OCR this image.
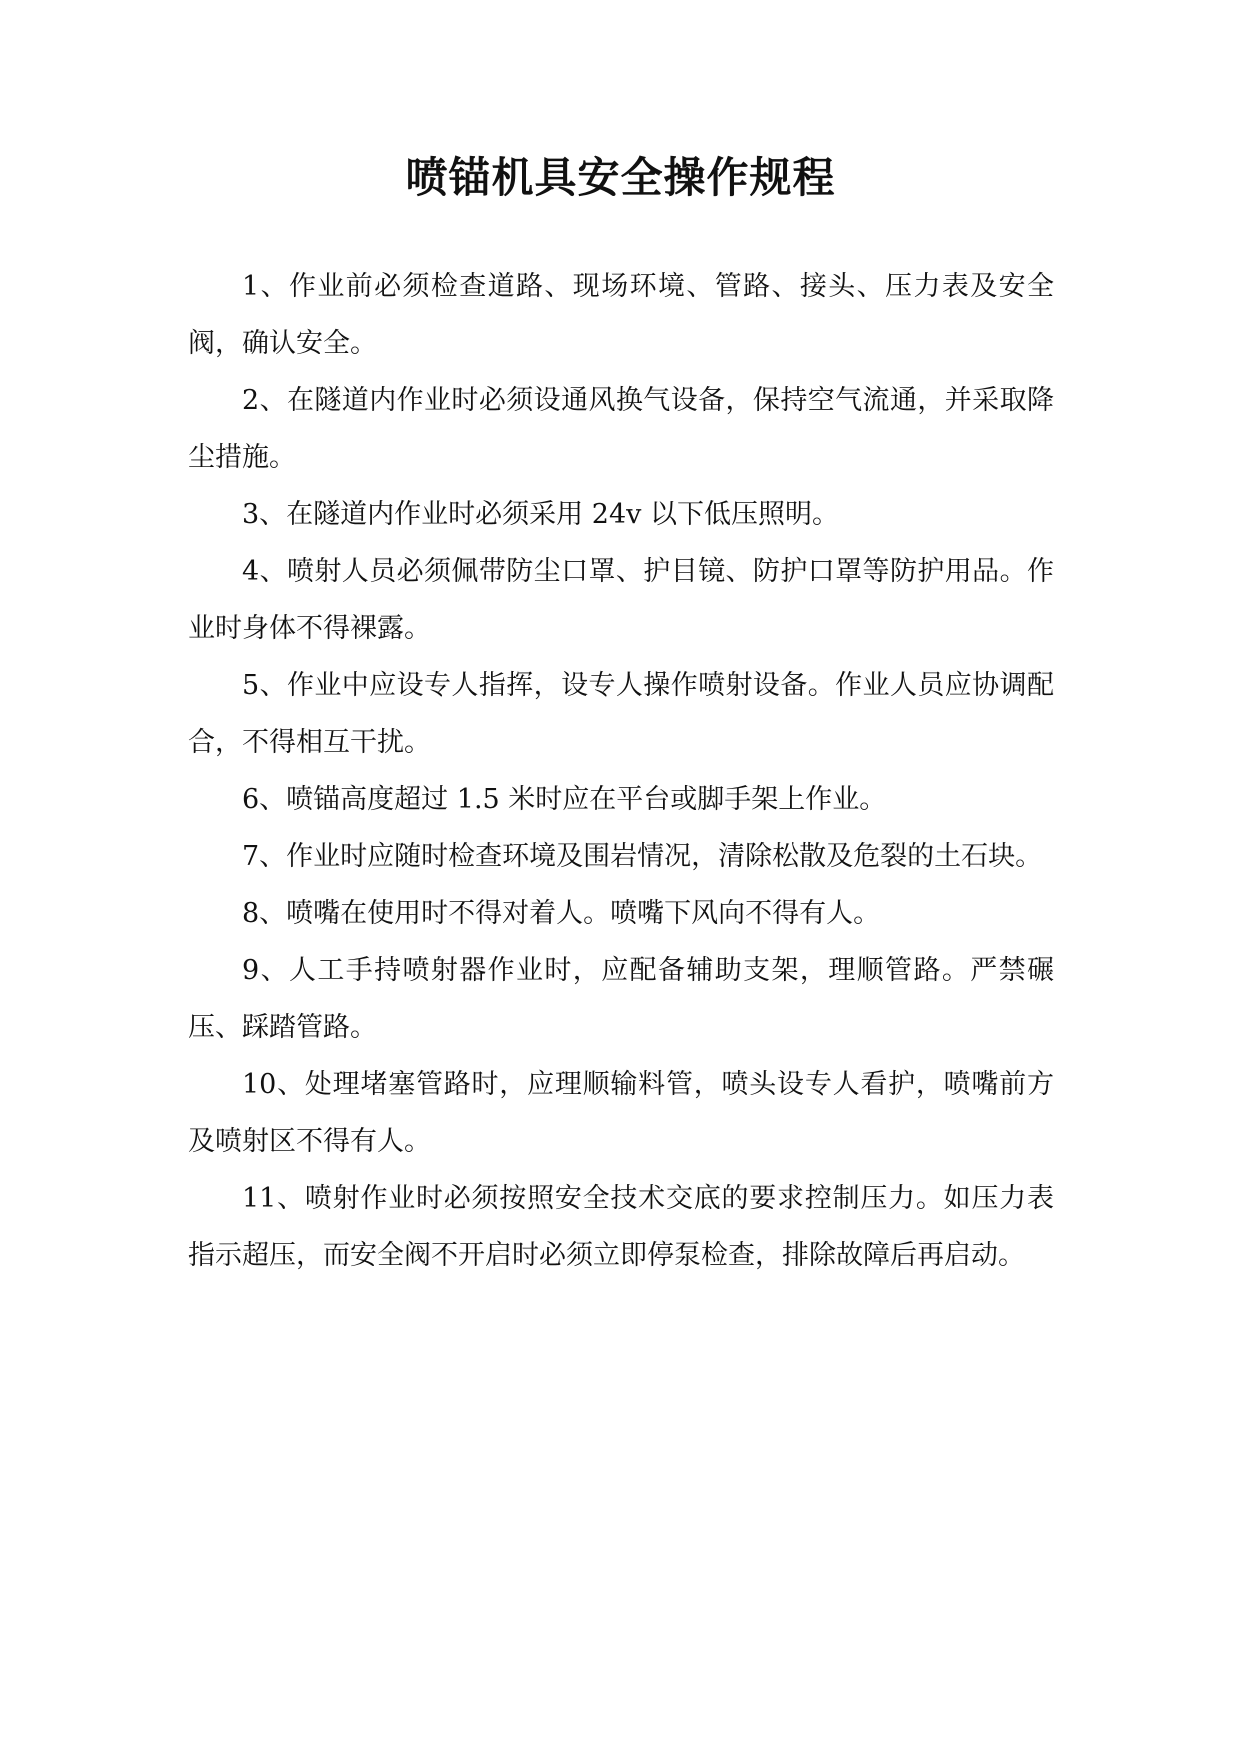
喷锚机具安全操作规程

1、作业前必须检查道路、现场环境、管路、接头、压力表及安全阀，确认安全。

2、在隧道内作业时必须设通风换气设备，保持空气流通，并采取降尘措施。

3、在隧道内作业时必须采用 24v 以下低压照明。

4、喷射人员必须佩带防尘口罩、护目镜、防护口罩等防护用品。作业时身体不得裸露。

5、作业中应设专人指挥，设专人操作喷射设备。作业人员应协调配合，不得相互干扰。

6、喷锚高度超过 1.5 米时应在平台或脚手架上作业。

7、作业时应随时检查环境及围岩情况，清除松散及危裂的土石块。

8、喷嘴在使用时不得对着人。喷嘴下风向不得有人。

9、人工手持喷射器作业时，应配备辅助支架，理顺管路。严禁碾压、踩踏管路。

10、处理堵塞管路时，应理顺输料管，喷头设专人看护，喷嘴前方及喷射区不得有人。

11、喷射作业时必须按照安全技术交底的要求控制压力。如压力表指示超压，而安全阀不开启时必须立即停泵检查，排除故障后再启动。
